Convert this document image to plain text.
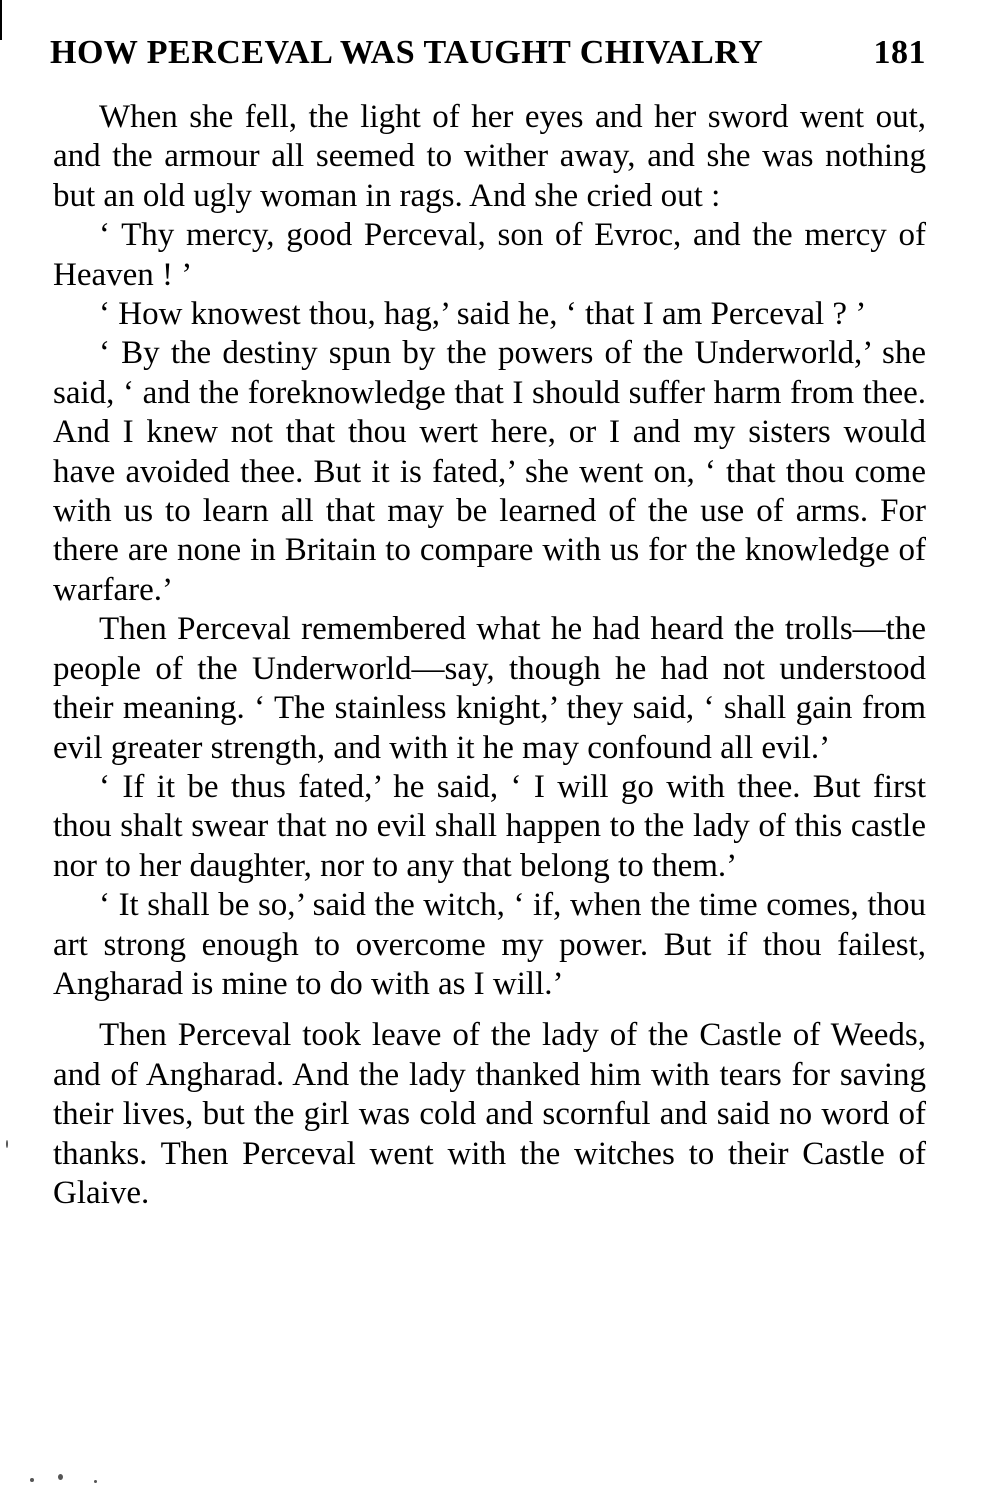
HOW PERCEVAL WAS TAUGHT CHIVALRY	181

When she fell, the light of her eyes and her sword went out, and the armour all seemed to wither away, and she was nothing but an old ugly woman in rags. And she cried out :

‘ Thy mercy, good Perceval, son of Evroc, and the mercy of Heaven ! ’

‘ How knowest thou, hag,’ said he, ‘ that I am Perceval ? ’

‘ By the destiny spun by the powers of the Underworld,’ she said, ‘ and the foreknowledge that I should suffer harm from thee. And I knew not that thou wert here, or I and my sisters would have avoided thee. But it is fated,’ she went on, ‘ that thou come with us to learn all that may be learned of the use of arms. For there are none in Britain to compare with us for the knowledge of warfare.’

Then Perceval remembered what he had heard the trolls—the people of the Underworld—say, though he had not understood their meaning. ‘ The stainless knight,’ they said, ‘ shall gain from evil greater strength, and with it he may confound all evil.’

‘ If it be thus fated,’ he said, ‘ I will go with thee. But first thou shalt swear that no evil shall happen to the lady of this castle nor to her daughter, nor to any that belong to them.’

‘ It shall be so,’ said the witch, ‘ if, when the time comes, thou art strong enough to overcome my power. But if thou failest, Angharad is mine to do with as I will.’

Then Perceval took leave of the lady of the Castle of Weeds, and of Angharad. And the lady thanked him with tears for saving their lives, but the girl was cold and scornful and said no word of thanks. Then Perceval went with the witches to their Castle of Glaive.
